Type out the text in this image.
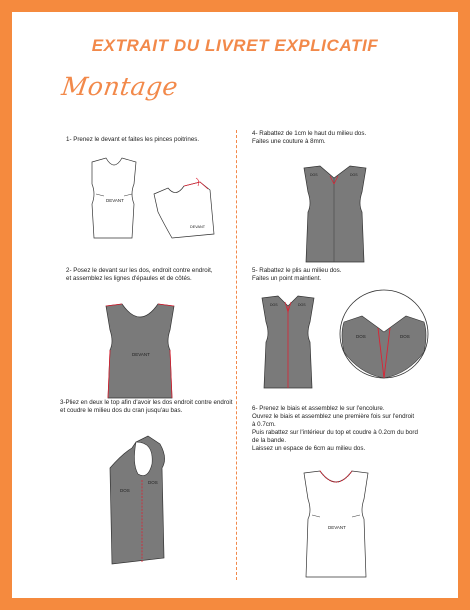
EXTRAIT DU LIVRET EXPLICATIF
Montage
1- Prenez le devant et faites les pinces poitrines.
DEVANT
DEVANT
2- Posez le devant sur les dos, endroit contre endroit,
et assemblez les lignes d'épaules et de côtés.
DEVANT
3-Pliez en deux le top afin d'avoir les dos endroit contre endroit
et coudre le milieu dos du cran jusqu'au bas.
DOS
DOS
4- Rabattez de 1cm le haut du milieu dos.
Faites une couture à 8mm.
DOS	DOS
5- Rabattez le plis au milieu dos.
Faites un point maintient.
DOS	DOS
DOS	DOS
6- Prenez le biais et assemblez le sur l'encolure.
Ouvrez le biais et assemblez une première fois sur l'endroit
à 0.7cm.
Puis rabattez sur l'intérieur du top et coudre à 0.2cm du bord
de la bande.
Laissez un espace de 6cm au milieu dos.
DEVANT
